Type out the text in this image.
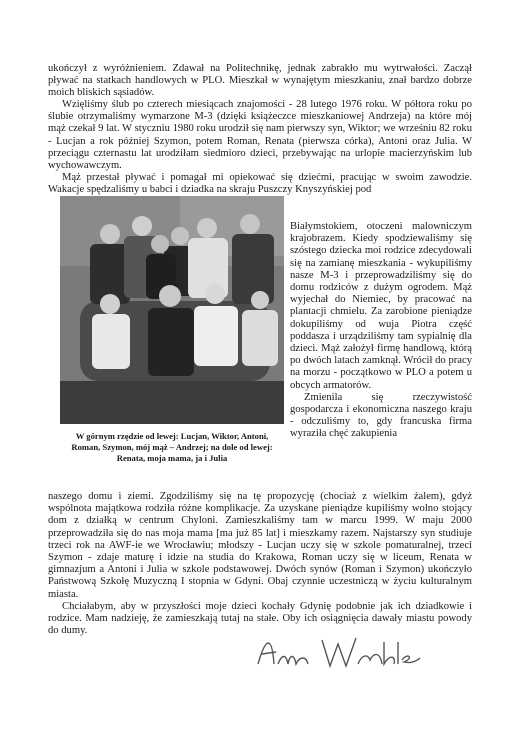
ukończył z wyróżnieniem. Zdawał na Politechnikę, jednak zabrakło mu wytrwałości. Zaczął pływać na statkach handlowych w PLO. Mieszkał w wynajętym mieszkaniu, znał bardzo dobrze moich bliskich sąsiadów.

Wzięliśmy ślub po czterech miesiącach znajomości - 28 lutego 1976 roku. W półtora roku po ślubie otrzymaliśmy wymarzone M-3 (dzięki książeczce mieszkaniowej Andrzeja) na które mój mąż czekał 9 lat. W styczniu 1980 roku urodził się nam pierwszy syn, Wiktor; we wrześniu 82 roku - Lucjan a rok później Szymon, potem Roman, Renata (pierwsza córka), Antoni oraz Julia. W przeciągu czternastu lat urodziłam siedmioro dzieci, przebywając na urlopie macierzyńskim lub wychowawczym.

Mąż przestał pływać i pomagał mi opiekować się dziećmi, pracując w swoim zawodzie. Wakacje spędzaliśmy u babci i dziadka na skraju Puszczy Knyszyńskiej pod

W górnym rzędzie od lewej: Lucjan, Wiktor, Antoni,
Roman, Szymon, mój mąż – Andrzej; na dole od lewej:
Renata, moja mama, ja i Julia

Białymstokiem, otoczeni malowniczym krajobrazem. Kiedy spodziewaliśmy się szóstego dziecka moi rodzice zdecydowali się na zamianę mieszkania - wykupiliśmy nasze M-3 i przeprowadziliśmy się do domu rodziców z dużym ogrodem. Mąż wyjechał do Niemiec, by pracować na plantacji chmielu. Za zarobione pieniądze dokupiliśmy od wuja Piotra część poddasza i urządziliśmy tam sypialnię dla dzieci. Mąż założył firmę handlową, którą po dwóch latach zamknął. Wrócił do pracy na morzu - początkowo w PLO a potem u obcych armatorów.

Zmienila się rzeczywistość gospodarcza i ekonomiczna naszego kraju - odczuliśmy to, gdy francuska firma wyraziła chęć zakupienia

naszego domu i ziemi. Zgodziliśmy się na tę propozycję (chociaż z wielkim żalem), gdyż wspólnota majątkowa rodziła różne komplikacje. Za uzyskane pieniądze kupiliśmy wolno stojący dom z działką w centrum Chyloni. Zamieszkaliśmy tam w marcu 1999. W maju 2000 przeprowadziła się do nas moja mama [ma już 85 lat] i mieszkamy razem. Najstarszy syn studiuje trzeci rok na AWF-ie we Wrocławiu; młodszy - Lucjan uczy się w szkole pomaturalnej, trzeci Szymon - zdaje maturę i idzie na studia do Krakowa, Roman uczy się w liceum, Renata w gimnazjum a Antoni i Julia w szkole podstawowej. Dwóch synów (Roman i Szymon) ukończyło Państwową Szkołę Muzyczną I stopnia w Gdyni. Obaj czynnie uczestniczą w życiu kulturalnym miasta.

Chciałabym, aby w przyszłości moje dzieci kochały Gdynię podobnie jak ich dziadkowie i rodzice. Mam nadzieję, że zamieszkają tutaj na stałe. Oby ich osiągnięcia dawały miastu powody do dumy.
